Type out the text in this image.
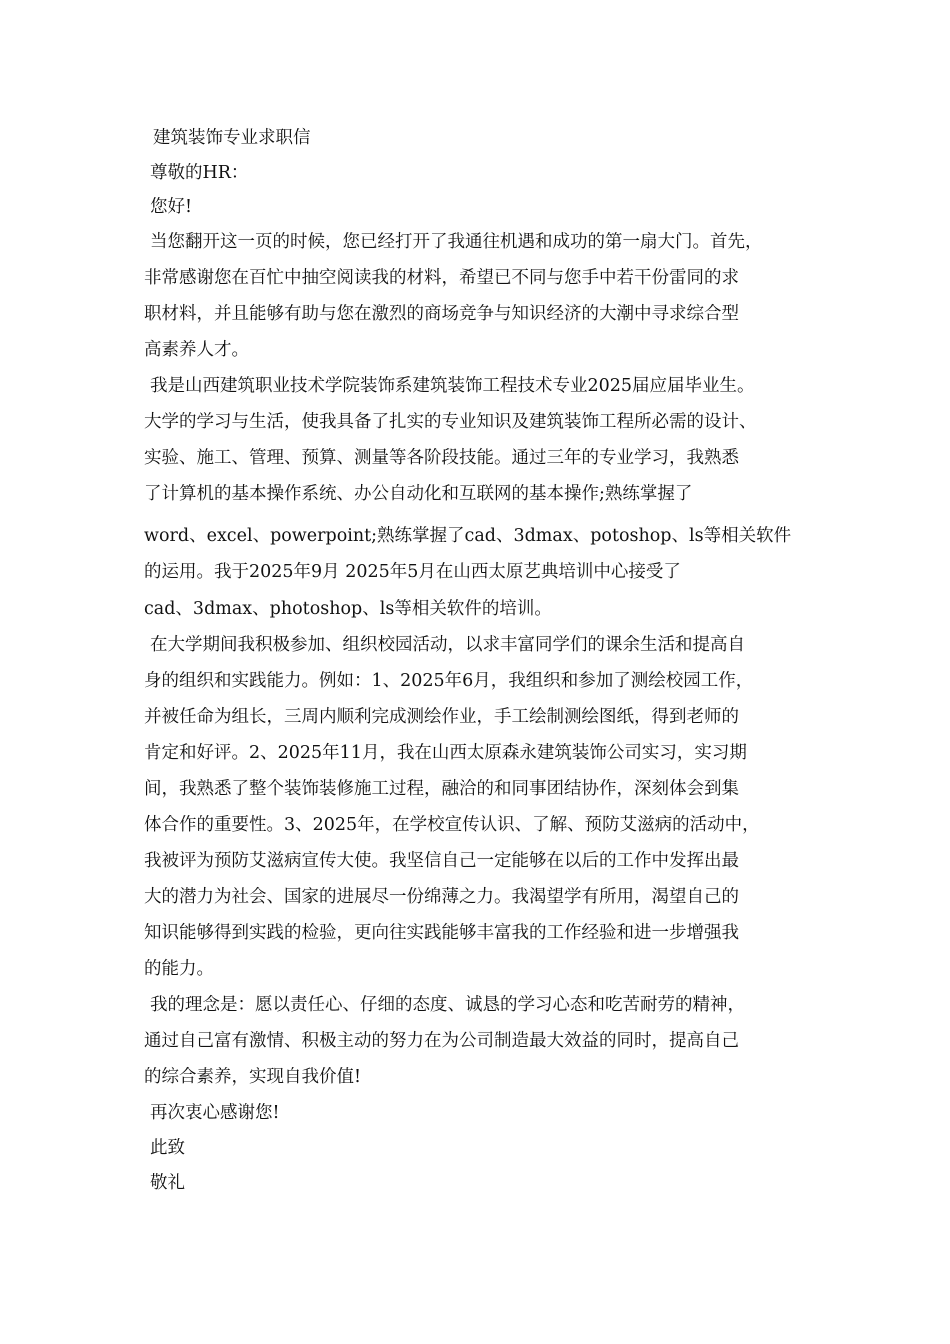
建筑装饰专业求职信
尊敬的HR：
您好!
当您翻开这一页的时候，您已经打开了我通往机遇和成功的第一扇大门。首先，
非常感谢您在百忙中抽空阅读我的材料，希望已不同与您手中若干份雷同的求
职材料，并且能够有助与您在激烈的商场竞争与知识经济的大潮中寻求综合型
高素养人才。
我是山西建筑职业技术学院装饰系建筑装饰工程技术专业2025届应届毕业生。
大学的学习与生活，使我具备了扎实的专业知识及建筑装饰工程所必需的设计、
实验、施工、管理、预算、测量等各阶段技能。通过三年的专业学习，我熟悉
了计算机的基本操作系统、办公自动化和互联网的基本操作;熟练掌握了
word、excel、powerpoint;熟练掌握了cad、3dmax、potoshop、ls等相关软件
的运用。我于2025年9月 2025年5月在山西太原艺典培训中心接受了
cad、3dmax、photoshop、ls等相关软件的培训。
在大学期间我积极参加、组织校园活动，以求丰富同学们的课余生活和提高自
身的组织和实践能力。例如：1、2025年6月，我组织和参加了测绘校园工作，
并被任命为组长，三周内顺利完成测绘作业，手工绘制测绘图纸，得到老师的
肯定和好评。2、2025年11月，我在山西太原森永建筑装饰公司实习，实习期
间，我熟悉了整个装饰装修施工过程，融洽的和同事团结协作，深刻体会到集
体合作的重要性。3、2025年，在学校宣传认识、了解、预防艾滋病的活动中，
我被评为预防艾滋病宣传大使。我坚信自己一定能够在以后的工作中发挥出最
大的潜力为社会、国家的进展尽一份绵薄之力。我渴望学有所用，渴望自己的
知识能够得到实践的检验，更向往实践能够丰富我的工作经验和进一步增强我
的能力。
我的理念是：愿以责任心、仔细的态度、诚恳的学习心态和吃苦耐劳的精神，
通过自己富有激情、积极主动的努力在为公司制造最大效益的同时，提高自己
的综合素养，实现自我价值!
再次衷心感谢您!
此致
敬礼
